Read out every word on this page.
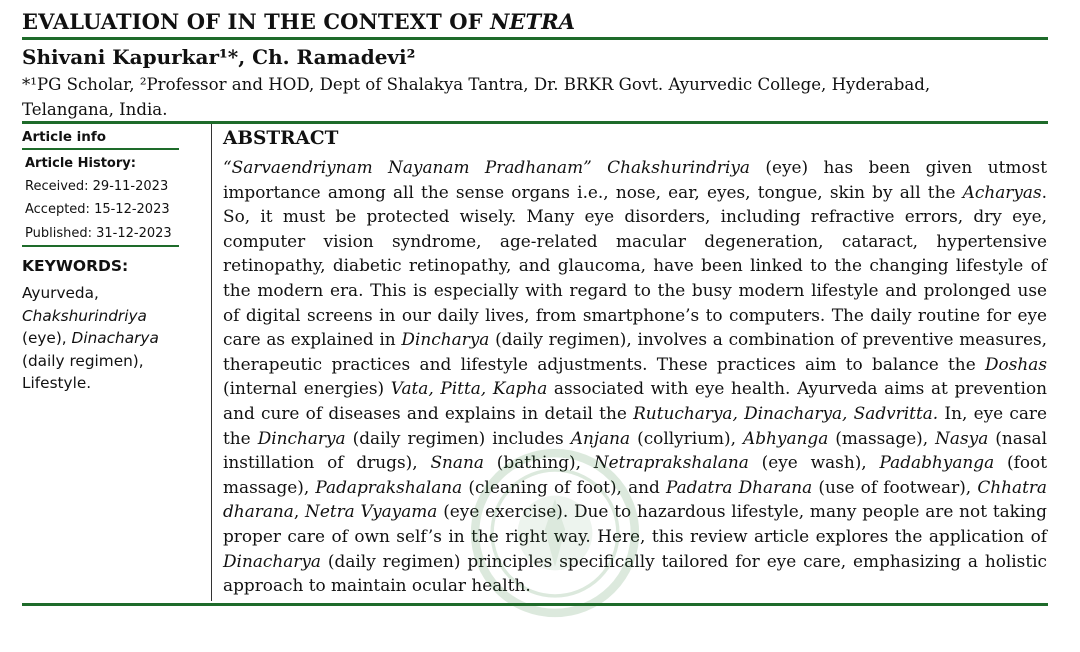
EVALUATION OF IN THE CONTEXT OF NETRA
Shivani Kapurkar¹*, Ch. Ramadevi²
*¹PG Scholar, ²Professor and HOD, Dept of Shalakya Tantra, Dr. BRKR Govt. Ayurvedic College, Hyderabad, Telangana, India.
Article info
Article History:
Received: 29-11-2023
Accepted: 15-12-2023
Published: 31-12-2023
KEYWORDS:
Ayurveda,
Chakshurindriya
(eye), Dinacharya
(daily regimen), Lifestyle.
ABSTRACT

“Sarvaendriynam Nayanam Pradhanam” Chakshurindriya (eye) has been given utmost importance among all the sense organs i.e., nose, ear, eyes, tongue, skin by all the Acharyas. So, it must be protected wisely. Many eye disorders, including refractive errors, dry eye, computer vision syndrome, age-related macular degeneration, cataract, hypertensive retinopathy, diabetic retinopathy, and glaucoma, have been linked to the changing lifestyle of the modern era. This is especially with regard to the busy modern lifestyle and prolonged use of digital screens in our daily lives, from smartphone’s to computers. The daily routine for eye care as explained in Dincharya (daily regimen), involves a combination of preventive measures, therapeutic practices and lifestyle adjustments. These practices aim to balance the Doshas (internal energies) Vata, Pitta, Kapha associated with eye health. Ayurveda aims at prevention and cure of diseases and explains in detail the Rutucharya, Dinacharya, Sadvritta. In, eye care the Dincharya (daily regimen) includes Anjana (collyrium), Abhyanga (massage), Nasya (nasal instillation of drugs), Snana (bathing), Netraprakshalana (eye wash), Padabhyanga (foot massage), Padaprakshalana (cleaning of foot), and Padatra Dharana (use of footwear), Chhatra dharana, Netra Vyayama (eye exercise). Due to hazardous lifestyle, many people are not taking proper care of own self’s in the right way. Here, this review article explores the application of Dinacharya (daily regimen) principles specifically tailored for eye care, emphasizing a holistic approach to maintain ocular health.
